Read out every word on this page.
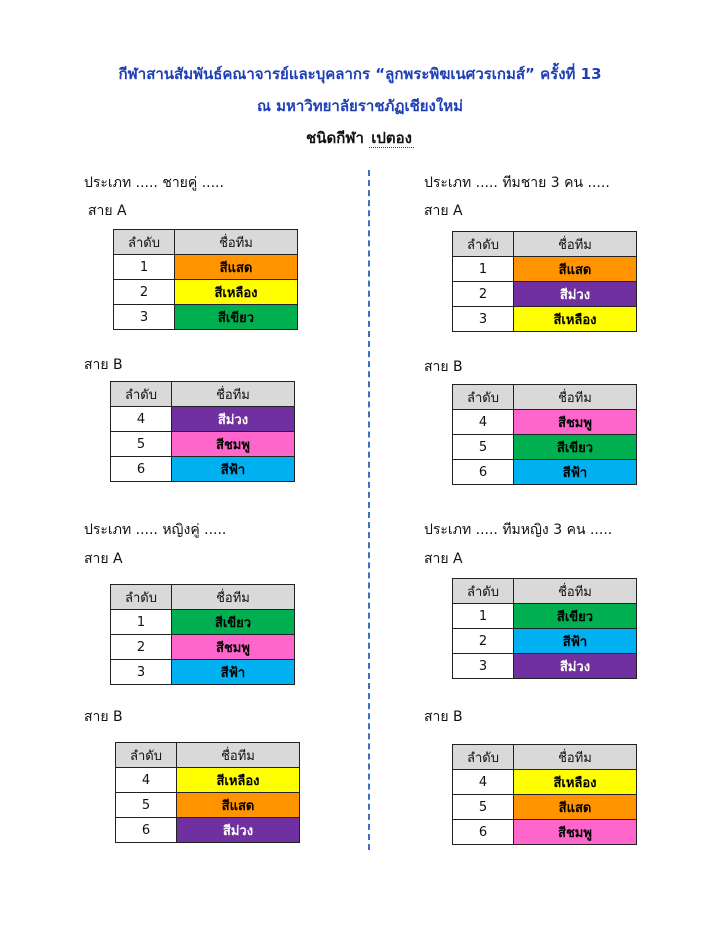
กีฬาสานสัมพันธ์คณาจารย์และบุคลากร “ลูกพระพิฆเนศวรเกมส์” ครั้งที่ 13
ณ มหาวิทยาลัยราชภัฏเชียงใหม่
ชนิดกีฬา เปตอง
ประเภท ..... ชายคู่ .....
สาย A
ลำดับ	ชื่อทีม
1	สีแสด
2	สีเหลือง
3	สีเขียว
สาย B
ลำดับ	ชื่อทีม
4	สีม่วง
5	สีชมพู
6	สีฟ้า
ประเภท ..... ทีมชาย 3 คน .....
สาย A
ลำดับ	ชื่อทีม
1	สีแสด
2	สีม่วง
3	สีเหลือง
สาย B
ลำดับ	ชื่อทีม
4	สีชมพู
5	สีเขียว
6	สีฟ้า
ประเภท ..... หญิงคู่ .....
สาย A
ลำดับ	ชื่อทีม
1	สีเขียว
2	สีชมพู
3	สีฟ้า
สาย B
ลำดับ	ชื่อทีม
4	สีเหลือง
5	สีแสด
6	สีม่วง
ประเภท ..... ทีมหญิง 3 คน .....
สาย A
ลำดับ	ชื่อทีม
1	สีเขียว
2	สีฟ้า
3	สีม่วง
สาย B
ลำดับ	ชื่อทีม
4	สีเหลือง
5	สีแสด
6	สีชมพู
